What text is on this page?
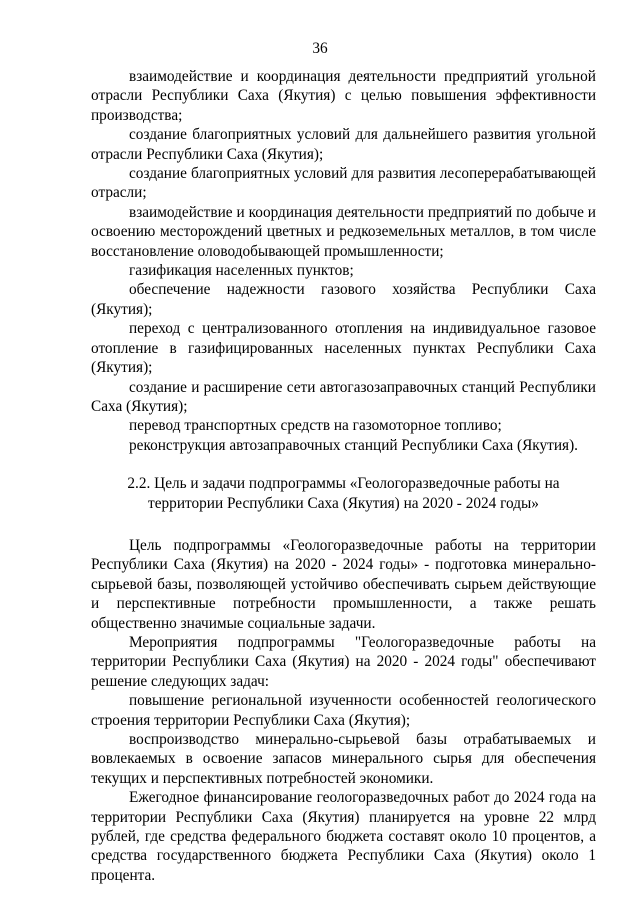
36

взаимодействие и координация деятельности предприятий угольной отрасли Республики Саха (Якутия) с целью повышения эффективности производства;

создание благоприятных условий для дальнейшего развития угольной отрасли Республики Саха (Якутия);

создание благоприятных условий для развития лесоперерабатывающей отрасли;

взаимодействие и координация деятельности предприятий по добыче и освоению месторождений цветных и редкоземельных металлов, в том числе восстановление оловодобывающей промышленности;

газификация населенных пунктов;

обеспечение надежности газового хозяйства Республики Саха (Якутия);

переход с централизованного отопления на индивидуальное газовое отопление в газифицированных населенных пунктах Республики Саха (Якутия);

создание и расширение сети автогазозаправочных станций Республики Саха (Якутия);

перевод транспортных средств на газомоторное топливо;

реконструкция автозаправочных станций Республики Саха (Якутия).

2.2. Цель и задачи подпрограммы «Геологоразведочные работы на территории Республики Саха (Якутия) на 2020 - 2024 годы»

Цель подпрограммы «Геологоразведочные работы на территории Республики Саха (Якутия) на 2020 - 2024 годы» - подготовка минерально-сырьевой базы, позволяющей устойчиво обеспечивать сырьем действующие и перспективные потребности промышленности, а также решать общественно значимые социальные задачи.

Мероприятия подпрограммы "Геологоразведочные работы на территории Республики Саха (Якутия) на 2020 - 2024 годы" обеспечивают решение следующих задач:

повышение региональной изученности особенностей геологического строения территории Республики Саха (Якутия);

воспроизводство минерально-сырьевой базы отрабатываемых и вовлекаемых в освоение запасов минерального сырья для обеспечения текущих и перспективных потребностей экономики.

Ежегодное финансирование геологоразведочных работ до 2024 года на территории Республики Саха (Якутия) планируется на уровне 22 млрд рублей, где средства федерального бюджета составят около 10 процентов, а средства государственного бюджета Республики Саха (Якутия) около 1 процента.
